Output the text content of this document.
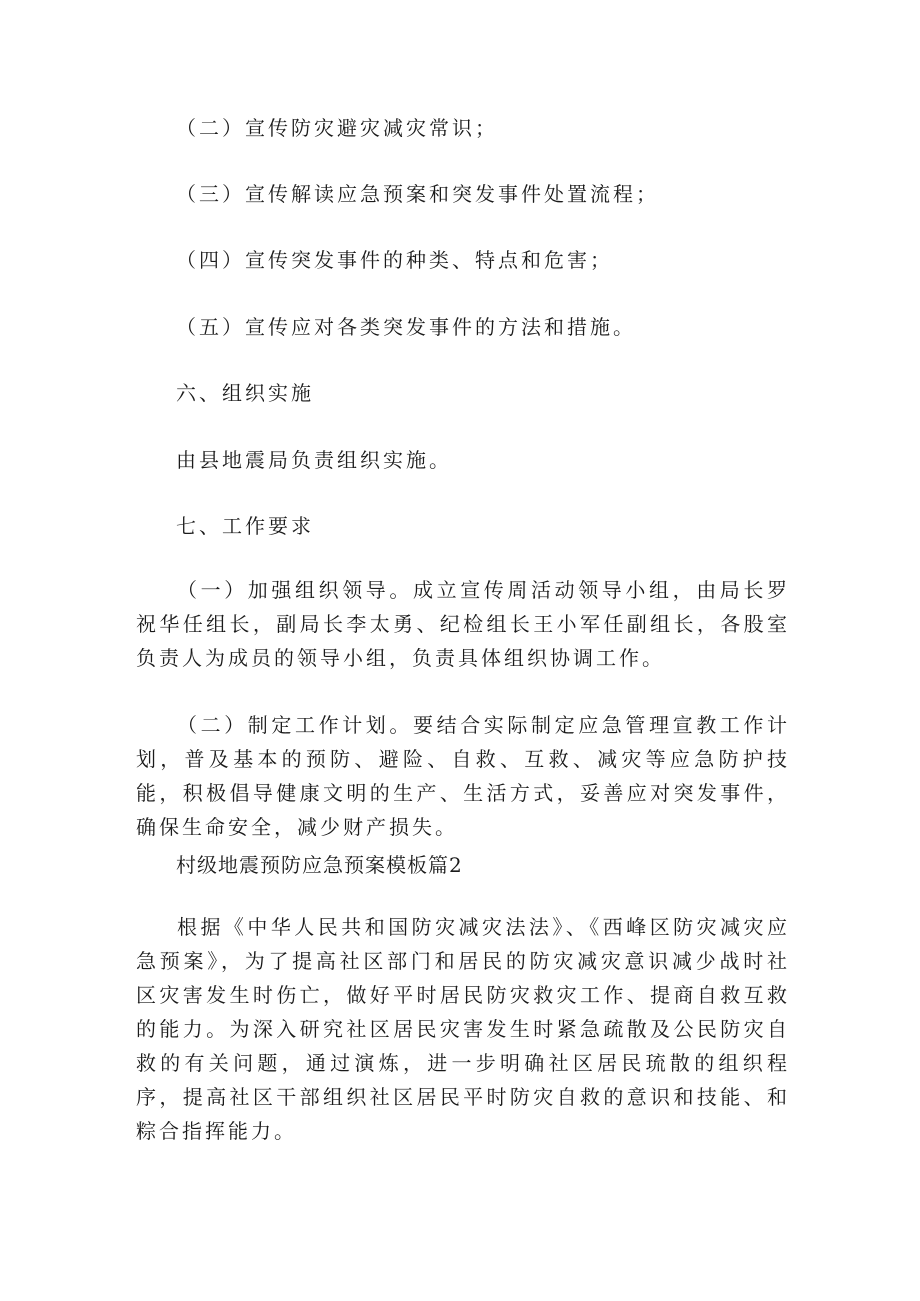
（二）宣传防灾避灾减灾常识；
（三）宣传解读应急预案和突发事件处置流程；
（四）宣传突发事件的种类、特点和危害；
（五）宣传应对各类突发事件的方法和措施。
六、组织实施
由县地震局负责组织实施。
七、工作要求

（一）加强组织领导。成立宣传周活动领导小组，由局长罗祝华任组长，副局长李太勇、纪检组长王小军任副组长，各股室负责人为成员的领导小组，负责具体组织协调工作。

（二）制定工作计划。要结合实际制定应急管理宣教工作计划，普及基本的预防、避险、自救、互救、减灾等应急防护技能，积极倡导健康文明的生产、生活方式，妥善应对突发事件，确保生命安全，减少财产损失。

村级地震预防应急预案模板篇2

根据《中华人民共和国防灾减灾法法》、《西峰区防灾减灾应急预案》，为了提高社区部门和居民的防灾减灾意识减少战时社区灾害发生时伤亡，做好平时居民防灾救灾工作、提商自救互救的能力。为深入研究社区居民灾害发生时紧急疏散及公民防灾自救的有关问题，通过演炼，进一步明确社区居民琉散的组织程序，提高社区干部组织社区居民平时防灾自救的意识和技能、和粽合指挥能力。
